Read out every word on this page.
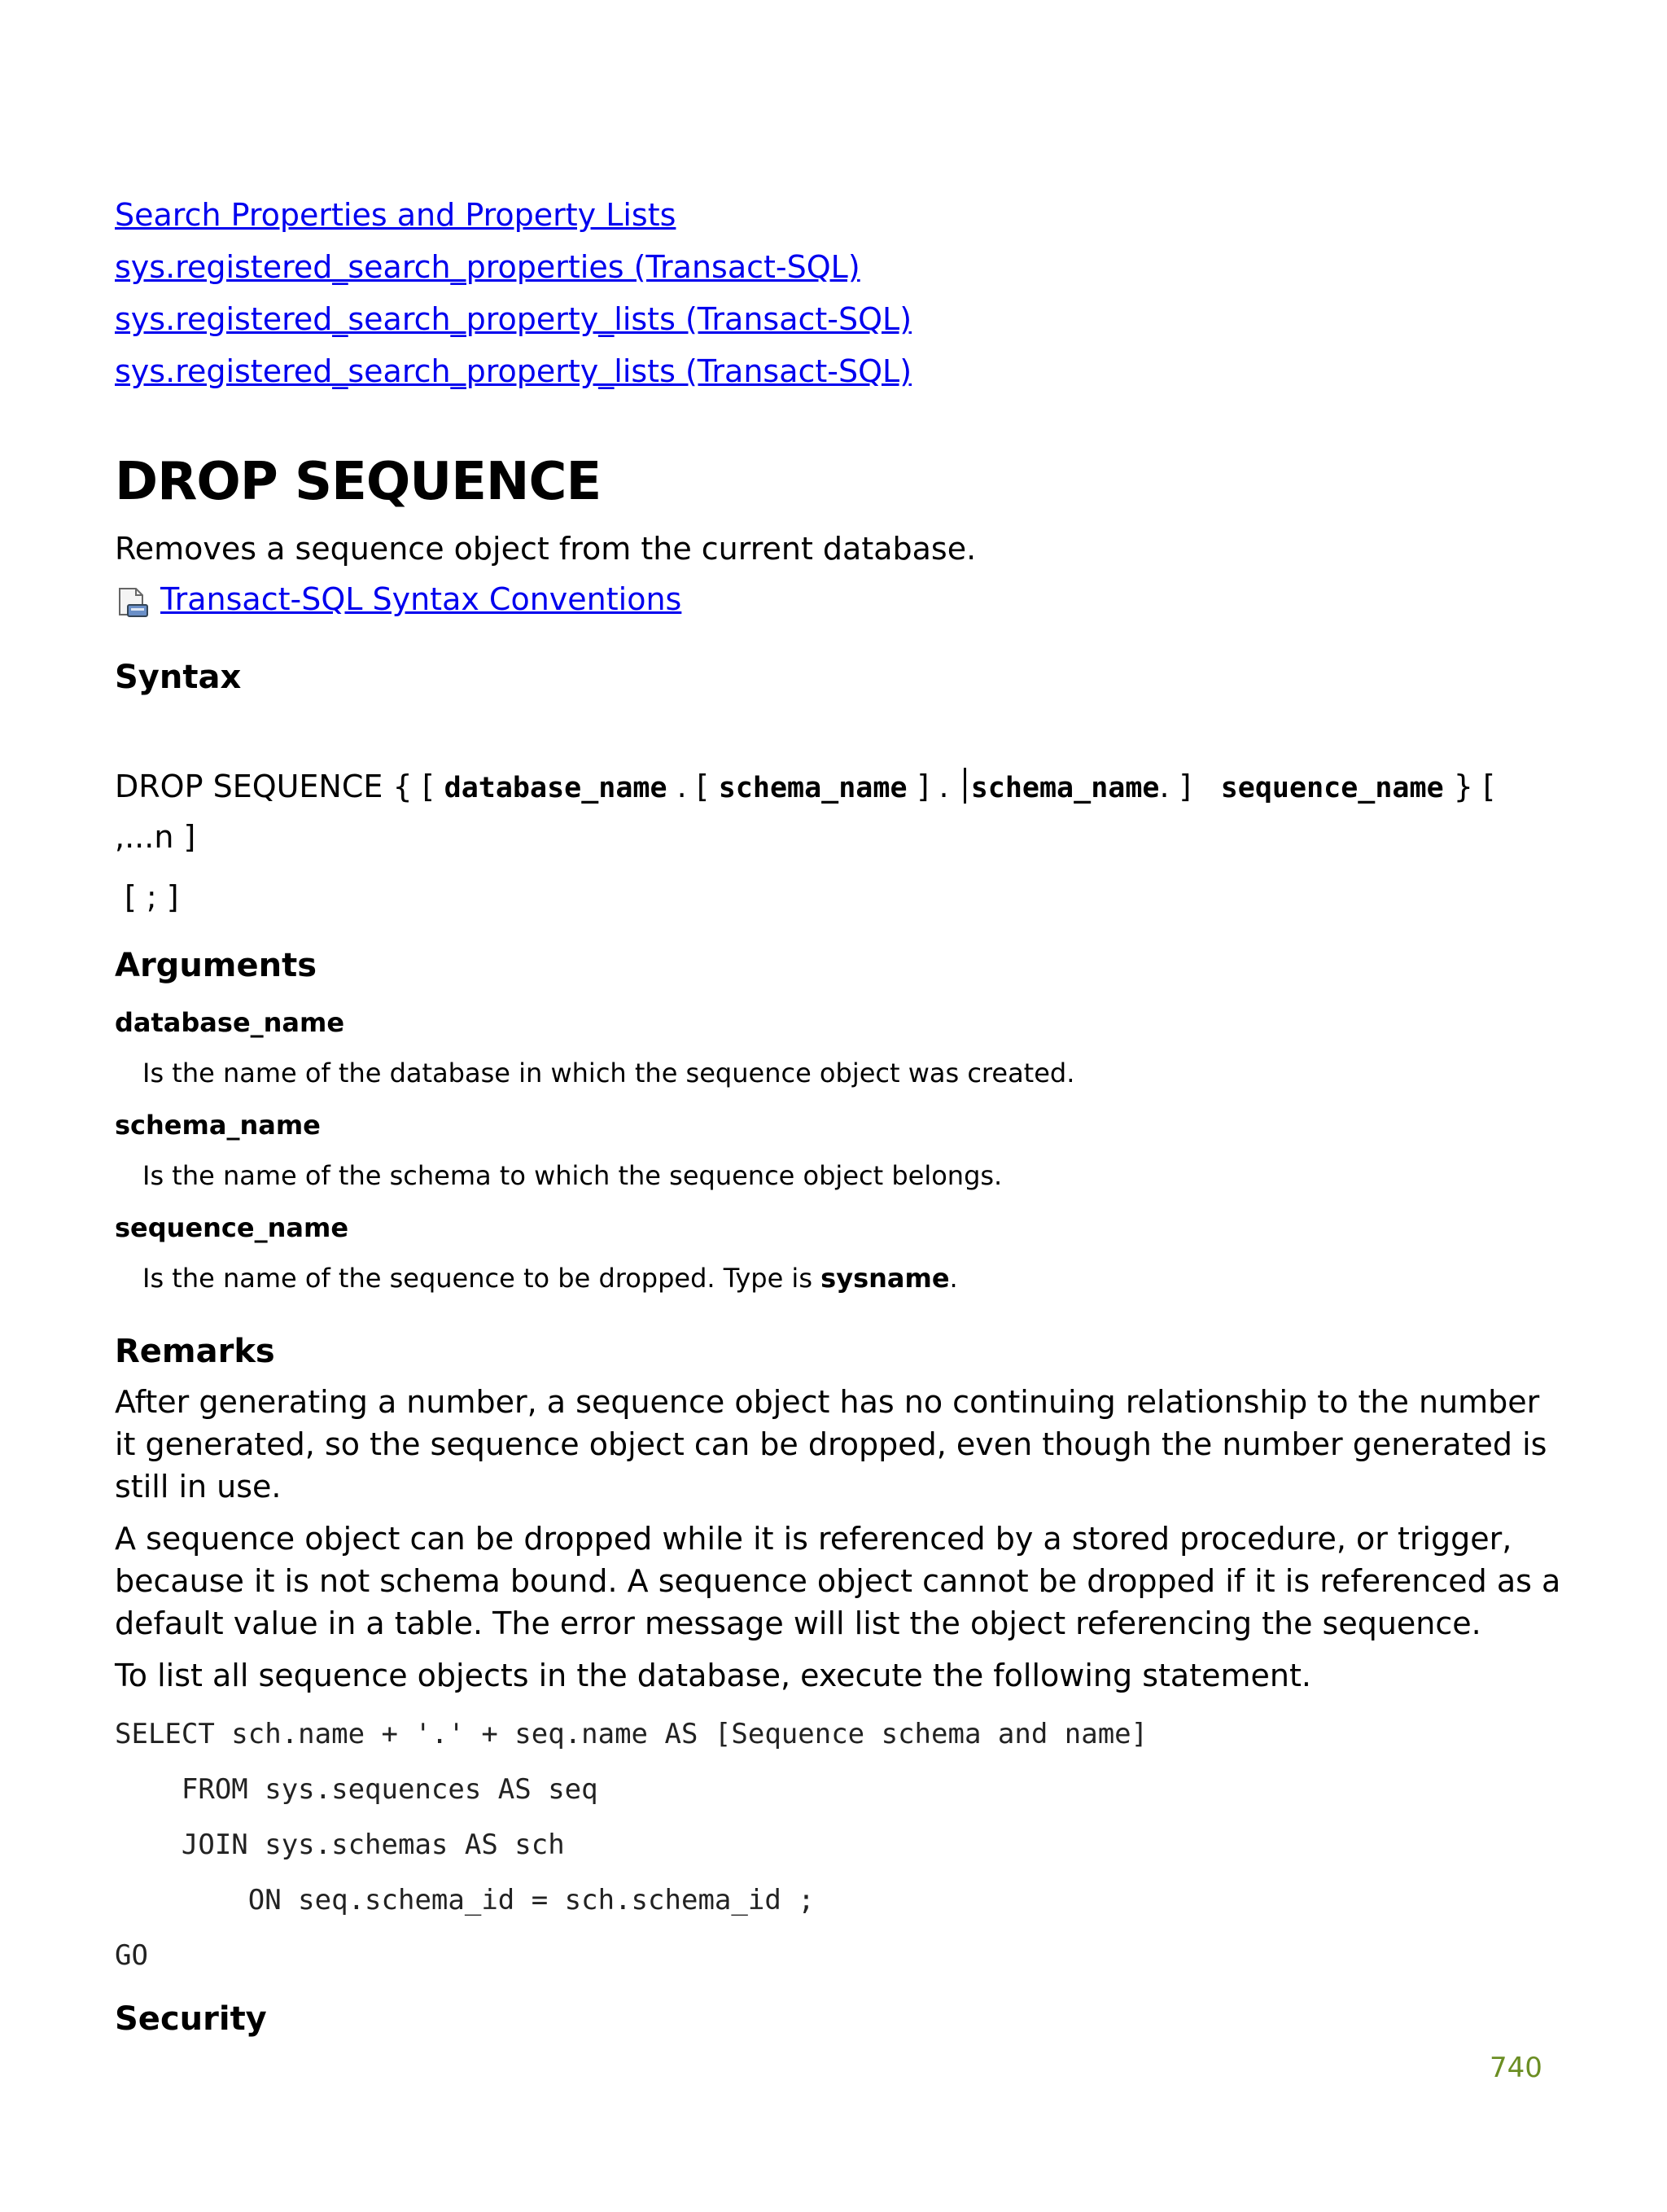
Search Properties and Property Lists
sys.registered_search_properties (Transact-SQL)
sys.registered_search_property_lists (Transact-SQL)
sys.registered_search_property_lists (Transact-SQL)
DROP SEQUENCE

Removes a sequence object from the current database.

Transact-SQL Syntax Conventions
Syntax
DROP SEQUENCE { [ database_name . [ schema_name ] . schema_name. ]   sequence_name } [
,...n ]
[ ; ]
Arguments
database_name
Is the name of the database in which the sequence object was created.
schema_name
Is the name of the schema to which the sequence object belongs.
sequence_name
Is the name of the sequence to be dropped. Type is sysname.
Remarks

After generating a number, a sequence object has no continuing relationship to the number it generated, so the sequence object can be dropped, even though the number generated is still in use.

A sequence object can be dropped while it is referenced by a stored procedure, or trigger, because it is not schema bound. A sequence object cannot be dropped if it is referenced as a default value in a table. The error message will list the object referencing the sequence.

To list all sequence objects in the database, execute the following statement.

SELECT sch.name + '.' + seq.name AS [Sequence schema and name]
FROM sys.sequences AS seq
JOIN sys.schemas AS sch
ON seq.schema_id = sch.schema_id ;
GO
Security
740
